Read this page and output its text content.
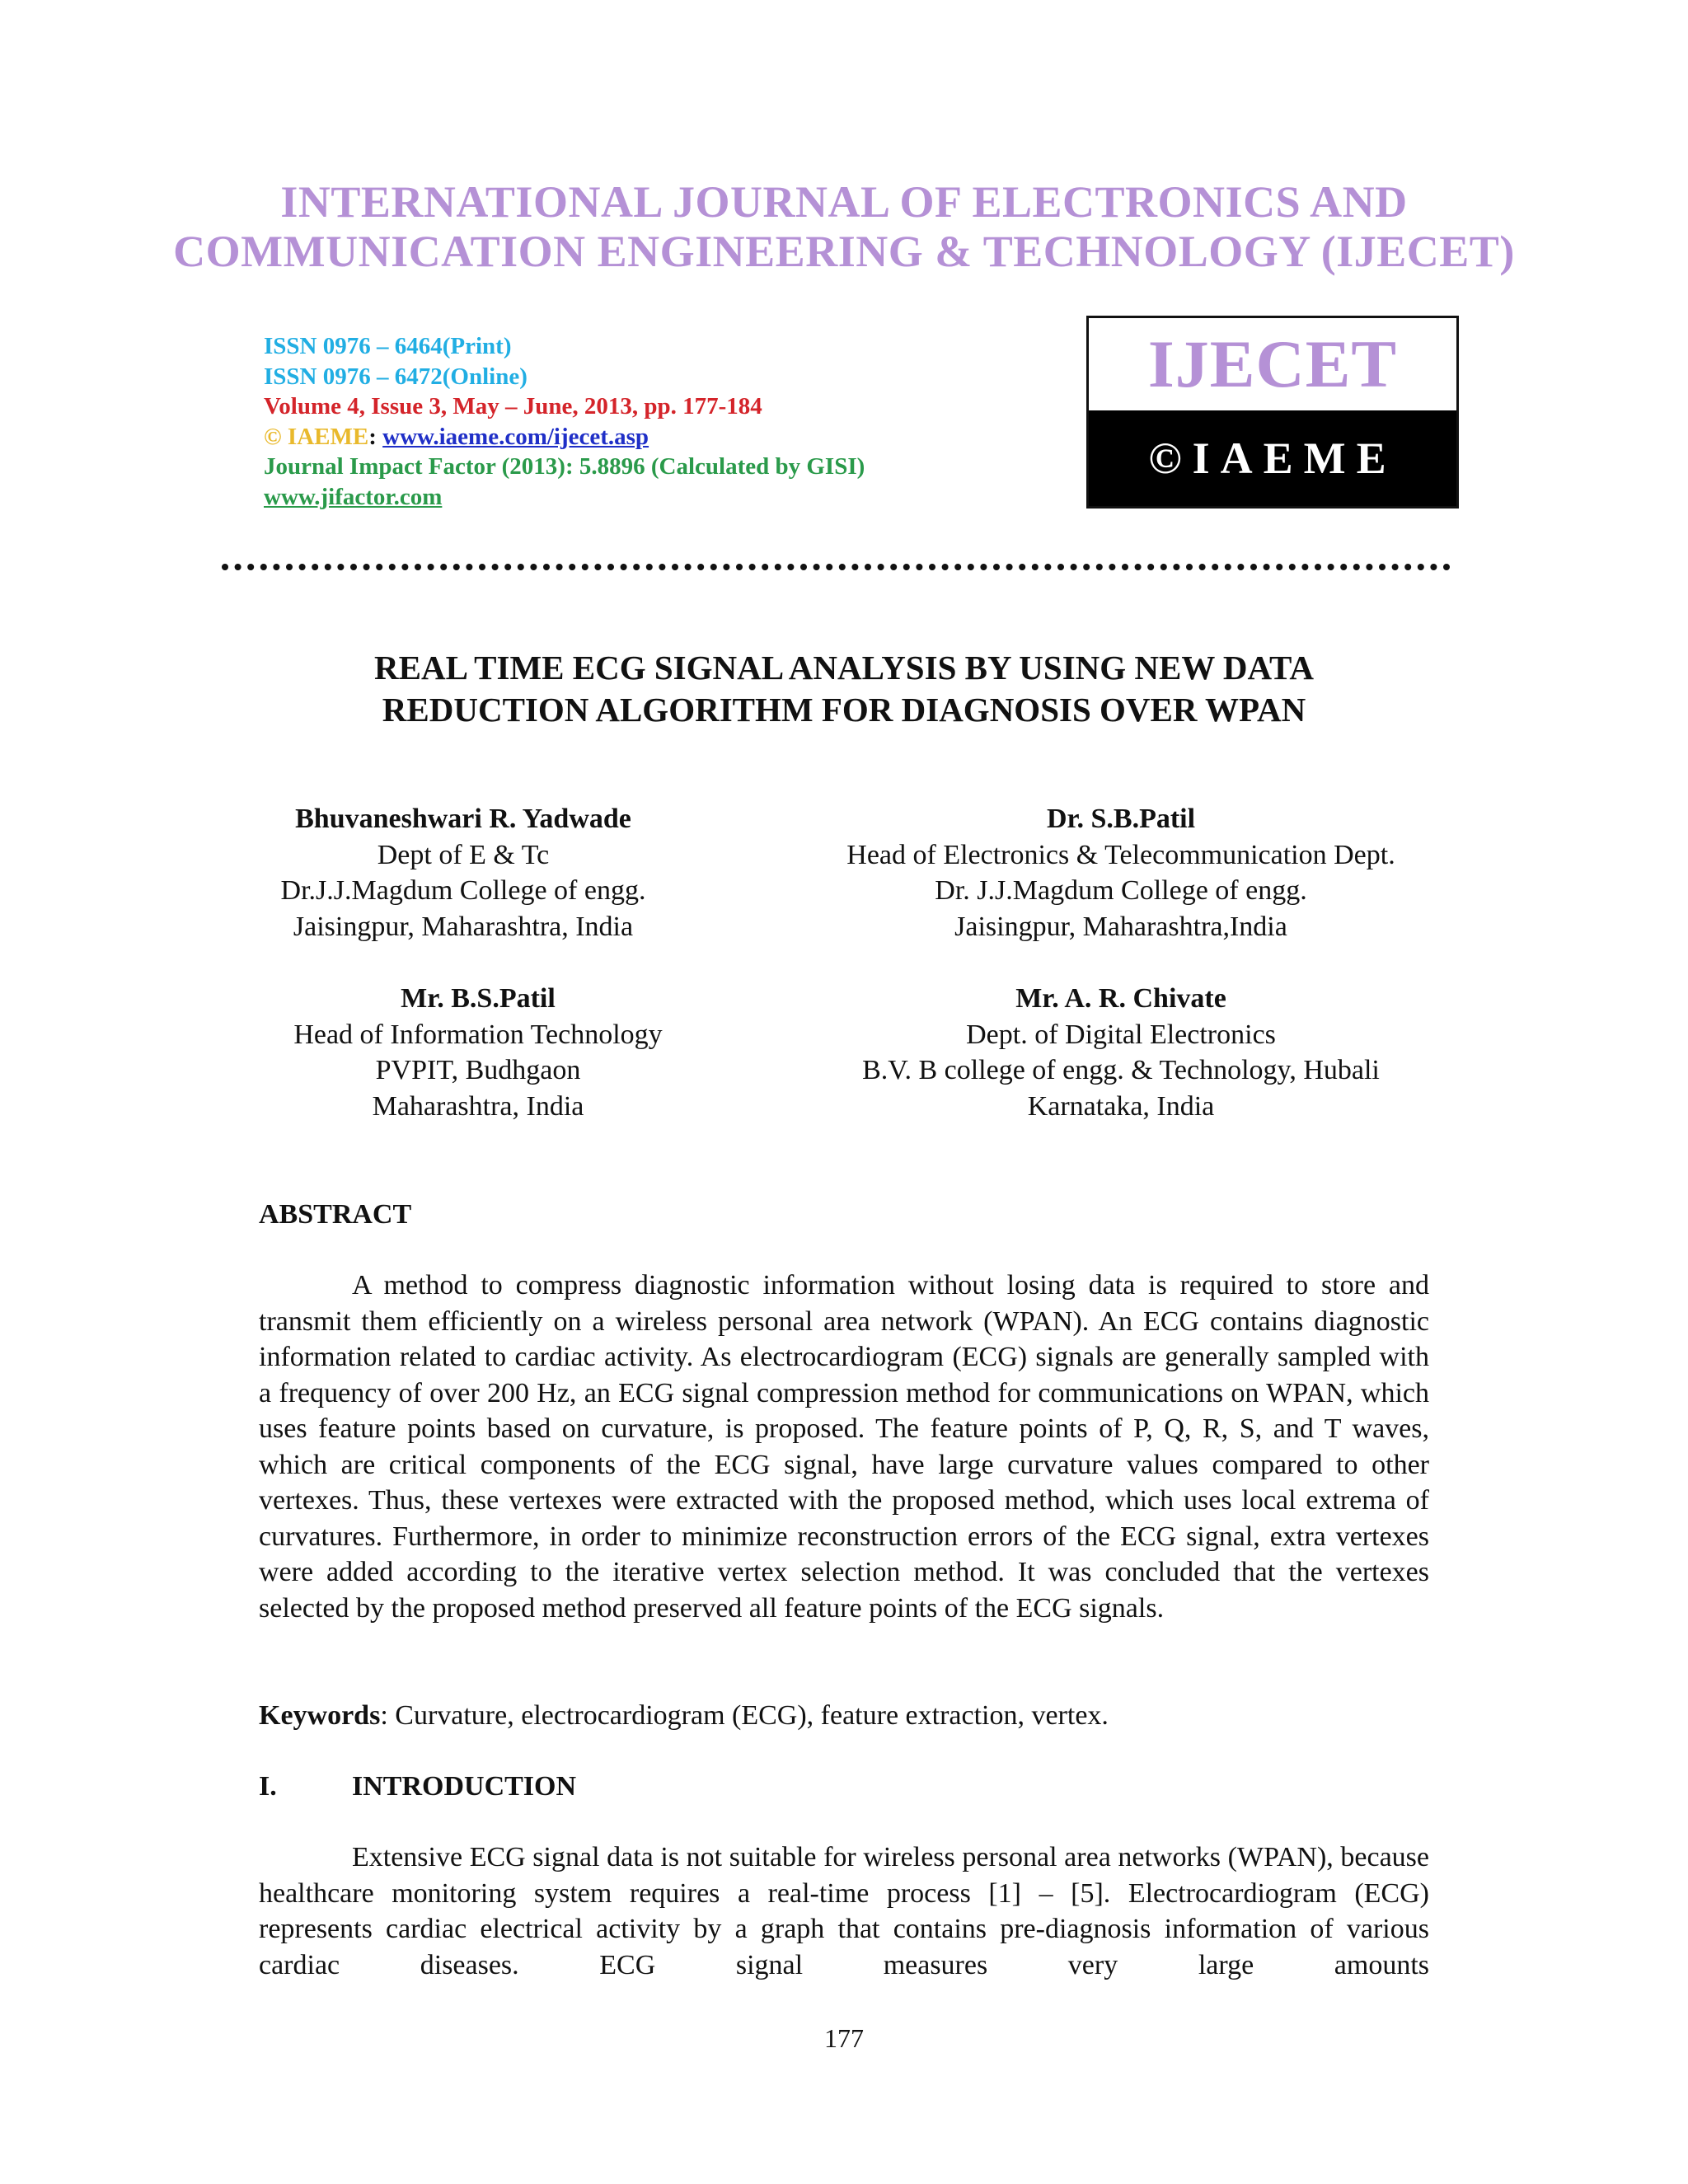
INTERNATIONAL JOURNAL OF ELECTRONICS AND
COMMUNICATION ENGINEERING & TECHNOLOGY (IJECET)
ISSN 0976 – 6464(Print)
ISSN 0976 – 6472(Online)
Volume 4, Issue 3, May – June, 2013, pp. 177-184
© IAEME: www.iaeme.com/ijecet.asp
Journal Impact Factor (2013): 5.8896 (Calculated by GISI)
www.jifactor.com
IJECET
©IAEME
REAL TIME ECG SIGNAL ANALYSIS BY USING NEW DATA
REDUCTION ALGORITHM FOR DIAGNOSIS OVER WPAN
Bhuvaneshwari R. Yadwade
Dept of E & Tc
Dr.J.J.Magdum College of engg.
Jaisingpur, Maharashtra, India
Dr. S.B.Patil
Head of Electronics & Telecommunication Dept.
Dr. J.J.Magdum College of engg.
Jaisingpur, Maharashtra,India
Mr. B.S.Patil
Head of Information Technology
PVPIT, Budhgaon
Maharashtra, India
Mr. A. R. Chivate
Dept. of Digital Electronics
B.V. B college of engg. & Technology, Hubali
Karnataka, India
ABSTRACT
A method to compress diagnostic information without losing data is required to store and transmit them efficiently on a wireless personal area network (WPAN). An ECG contains diagnostic information related to cardiac activity. As electrocardiogram (ECG) signals are generally sampled with a frequency of over 200 Hz, an ECG signal compression method for communications on WPAN, which uses feature points based on curvature, is proposed. The feature points of P, Q, R, S, and T waves, which are critical components of the ECG signal, have large curvature values compared to other vertexes. Thus, these vertexes were extracted with the proposed method, which uses local extrema of curvatures. Furthermore, in order to minimize reconstruction errors of the ECG signal, extra vertexes were added according to the iterative vertex selection method. It was concluded that the vertexes selected by the proposed method preserved all feature points of the ECG signals.
Keywords: Curvature, electrocardiogram (ECG), feature extraction, vertex.
I.	INTRODUCTION
Extensive ECG signal data is not suitable for wireless personal area networks (WPAN), because healthcare monitoring system requires a real-time process [1] – [5]. Electrocardiogram (ECG) represents cardiac electrical activity by a graph that contains pre-diagnosis information of various cardiac diseases. ECG signal measures very large amounts
177
